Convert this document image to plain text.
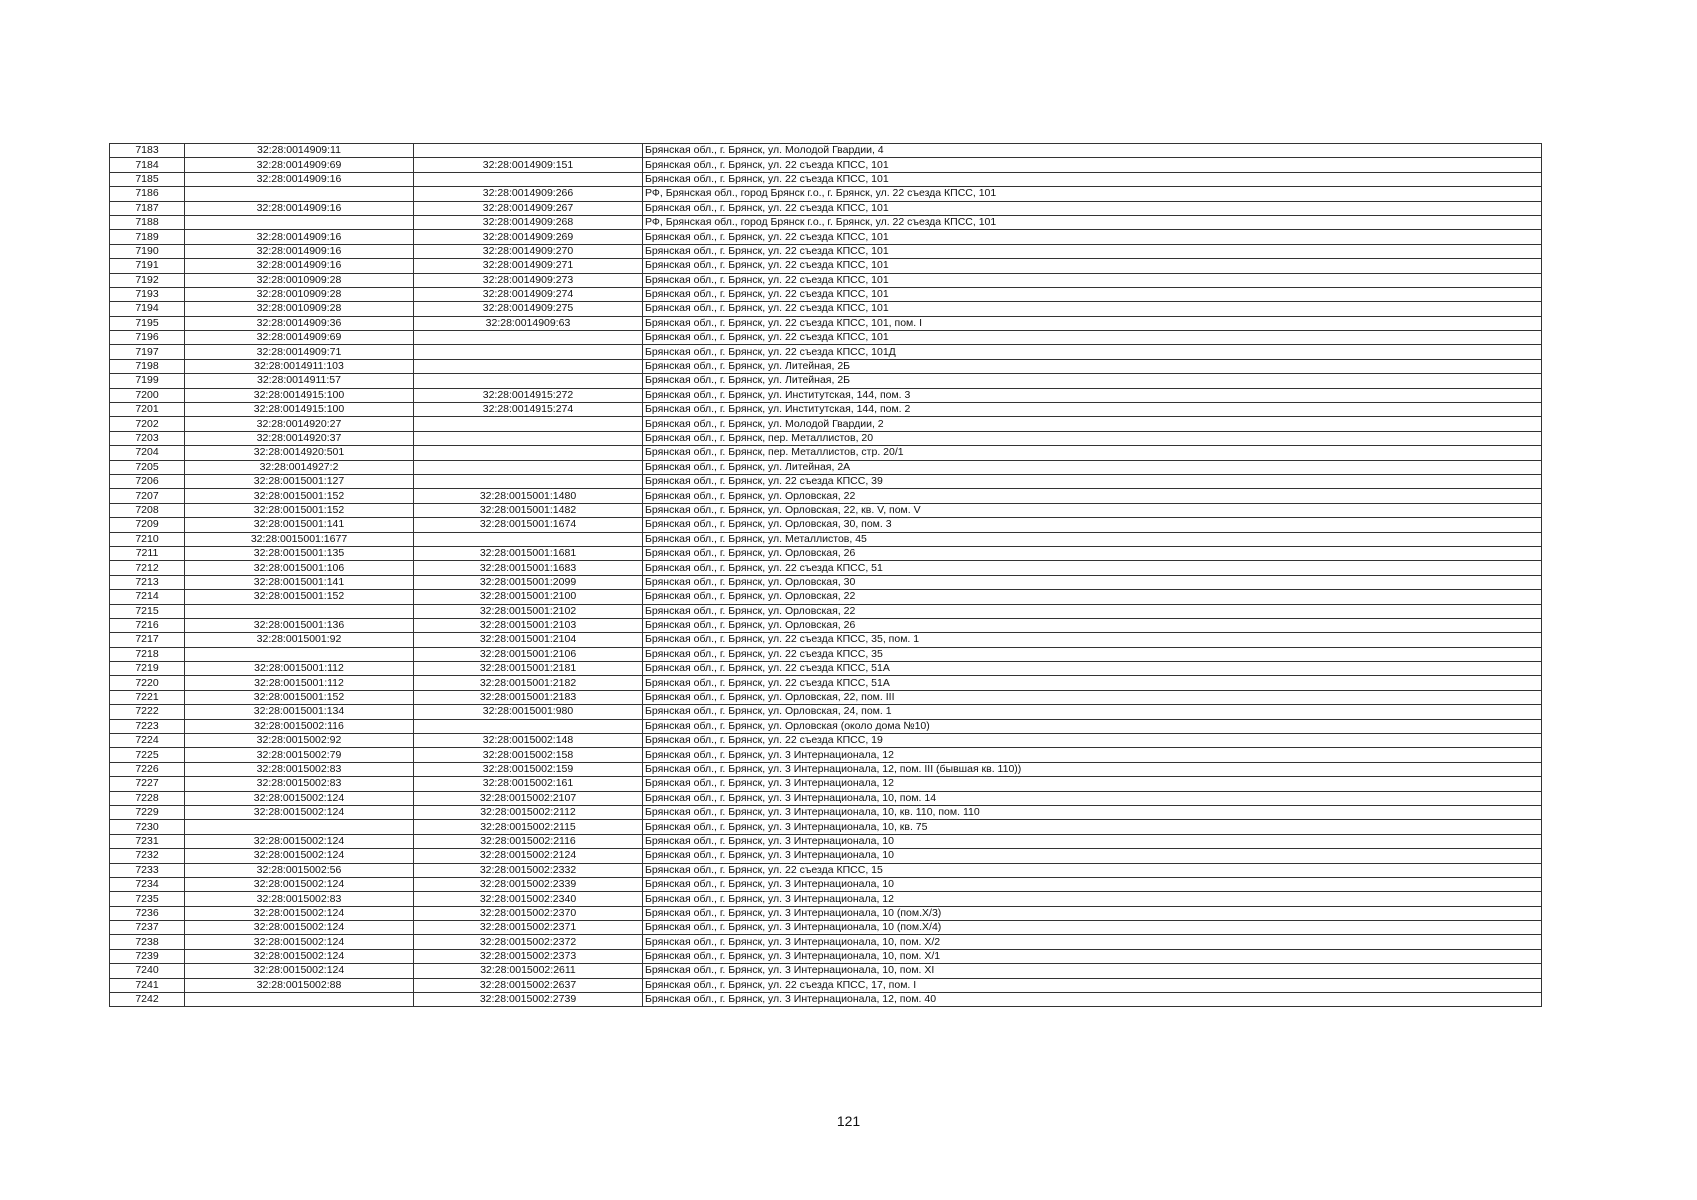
7183	32:28:0014909:11		Брянская обл., г. Брянск, ул. Молодой Гвардии, 4
7184	32:28:0014909:69	32:28:0014909:151	Брянская обл., г. Брянск, ул. 22 съезда КПСС, 101
7185	32:28:0014909:16		Брянская обл., г. Брянск, ул. 22 съезда КПСС, 101
7186		32:28:0014909:266	РФ, Брянская обл., город Брянск г.о., г. Брянск, ул. 22 съезда КПСС, 101
7187	32:28:0014909:16	32:28:0014909:267	Брянская обл., г. Брянск, ул. 22 съезда КПСС, 101
7188		32:28:0014909:268	РФ, Брянская обл., город Брянск г.о., г. Брянск, ул. 22 съезда КПСС, 101
7189	32:28:0014909:16	32:28:0014909:269	Брянская обл., г. Брянск, ул. 22 съезда КПСС, 101
7190	32:28:0014909:16	32:28:0014909:270	Брянская обл., г. Брянск, ул. 22 съезда КПСС, 101
7191	32:28:0014909:16	32:28:0014909:271	Брянская обл., г. Брянск, ул. 22 съезда КПСС, 101
7192	32:28:0010909:28	32:28:0014909:273	Брянская обл., г. Брянск, ул. 22 съезда КПСС, 101
7193	32:28:0010909:28	32:28:0014909:274	Брянская обл., г. Брянск, ул. 22 съезда КПСС, 101
7194	32:28:0010909:28	32:28:0014909:275	Брянская обл., г. Брянск, ул. 22 съезда КПСС, 101
7195	32:28:0014909:36	32:28:0014909:63	Брянская обл., г. Брянск, ул. 22 съезда КПСС, 101, пом. I
7196	32:28:0014909:69		Брянская обл., г. Брянск, ул. 22 съезда КПСС, 101
7197	32:28:0014909:71		Брянская обл., г. Брянск, ул. 22 съезда КПСС, 101Д
7198	32:28:0014911:103		Брянская обл., г. Брянск, ул. Литейная, 2Б
7199	32:28:0014911:57		Брянская обл., г. Брянск, ул. Литейная, 2Б
7200	32:28:0014915:100	32:28:0014915:272	Брянская обл., г. Брянск, ул. Институтская, 144, пом. 3
7201	32:28:0014915:100	32:28:0014915:274	Брянская обл., г. Брянск, ул. Институтская, 144, пом. 2
7202	32:28:0014920:27		Брянская обл., г. Брянск, ул. Молодой Гвардии, 2
7203	32:28:0014920:37		Брянская обл., г. Брянск, пер. Металлистов, 20
7204	32:28:0014920:501		Брянская обл., г. Брянск, пер. Металлистов, стр. 20/1
7205	32:28:0014927:2		Брянская обл., г. Брянск, ул. Литейная, 2А
7206	32:28:0015001:127		Брянская обл., г. Брянск, ул. 22 съезда КПСС, 39
7207	32:28:0015001:152	32:28:0015001:1480	Брянская обл., г. Брянск, ул. Орловская, 22
7208	32:28:0015001:152	32:28:0015001:1482	Брянская обл., г. Брянск, ул. Орловская, 22, кв. V, пом. V
7209	32:28:0015001:141	32:28:0015001:1674	Брянская обл., г. Брянск, ул. Орловская, 30, пом. 3
7210	32:28:0015001:1677		Брянская обл., г. Брянск, ул. Металлистов, 45
7211	32:28:0015001:135	32:28:0015001:1681	Брянская обл., г. Брянск, ул. Орловская, 26
7212	32:28:0015001:106	32:28:0015001:1683	Брянская обл., г. Брянск, ул. 22 съезда КПСС, 51
7213	32:28:0015001:141	32:28:0015001:2099	Брянская обл., г. Брянск, ул. Орловская, 30
7214	32:28:0015001:152	32:28:0015001:2100	Брянская обл., г. Брянск, ул. Орловская, 22
7215		32:28:0015001:2102	Брянская обл., г. Брянск, ул. Орловская, 22
7216	32:28:0015001:136	32:28:0015001:2103	Брянская обл., г. Брянск, ул. Орловская, 26
7217	32:28:0015001:92	32:28:0015001:2104	Брянская обл., г. Брянск, ул. 22 съезда КПСС, 35, пом. 1
7218		32:28:0015001:2106	Брянская обл., г. Брянск, ул. 22 съезда КПСС, 35
7219	32:28:0015001:112	32:28:0015001:2181	Брянская обл., г. Брянск, ул. 22 съезда КПСС, 51А
7220	32:28:0015001:112	32:28:0015001:2182	Брянская обл., г. Брянск, ул. 22 съезда КПСС, 51А
7221	32:28:0015001:152	32:28:0015001:2183	Брянская обл., г. Брянск, ул. Орловская, 22, пом. III
7222	32:28:0015001:134	32:28:0015001:980	Брянская обл., г. Брянск, ул. Орловская, 24, пом. 1
7223	32:28:0015002:116		Брянская обл., г. Брянск, ул. Орловская (около дома №10)
7224	32:28:0015002:92	32:28:0015002:148	Брянская обл., г. Брянск, ул. 22 съезда КПСС, 19
7225	32:28:0015002:79	32:28:0015002:158	Брянская обл., г. Брянск, ул. 3 Интернационала, 12
7226	32:28:0015002:83	32:28:0015002:159	Брянская обл., г. Брянск, ул. 3 Интернационала, 12, пом. III (бывшая кв. 110))
7227	32:28:0015002:83	32:28:0015002:161	Брянская обл., г. Брянск, ул. 3 Интернационала, 12
7228	32:28:0015002:124	32:28:0015002:2107	Брянская обл., г. Брянск, ул. 3 Интернационала, 10, пом. 14
7229	32:28:0015002:124	32:28:0015002:2112	Брянская обл., г. Брянск, ул. 3 Интернационала, 10, кв. 110, пом. 110
7230		32:28:0015002:2115	Брянская обл., г. Брянск, ул. 3 Интернационала, 10, кв. 75
7231	32:28:0015002:124	32:28:0015002:2116	Брянская обл., г. Брянск, ул. 3 Интернационала, 10
7232	32:28:0015002:124	32:28:0015002:2124	Брянская обл., г. Брянск, ул. 3 Интернационала, 10
7233	32:28:0015002:56	32:28:0015002:2332	Брянская обл., г. Брянск, ул. 22 съезда КПСС, 15
7234	32:28:0015002:124	32:28:0015002:2339	Брянская обл., г. Брянск, ул. 3 Интернационала, 10
7235	32:28:0015002:83	32:28:0015002:2340	Брянская обл., г. Брянск, ул. 3 Интернационала, 12
7236	32:28:0015002:124	32:28:0015002:2370	Брянская обл., г. Брянск, ул. 3 Интернационала, 10 (пом.Х/3)
7237	32:28:0015002:124	32:28:0015002:2371	Брянская обл., г. Брянск, ул. 3 Интернационала, 10 (пом.Х/4)
7238	32:28:0015002:124	32:28:0015002:2372	Брянская обл., г. Брянск, ул. 3 Интернационала, 10, пом. Х/2
7239	32:28:0015002:124	32:28:0015002:2373	Брянская обл., г. Брянск, ул. 3 Интернационала, 10, пом. Х/1
7240	32:28:0015002:124	32:28:0015002:2611	Брянская обл., г. Брянск, ул. 3 Интернационала, 10, пом. XI
7241	32:28:0015002:88	32:28:0015002:2637	Брянская обл., г. Брянск, ул. 22 съезда КПСС, 17, пом. I
7242		32:28:0015002:2739	Брянская обл., г. Брянск, ул. 3 Интернационала, 12, пом. 40
121
